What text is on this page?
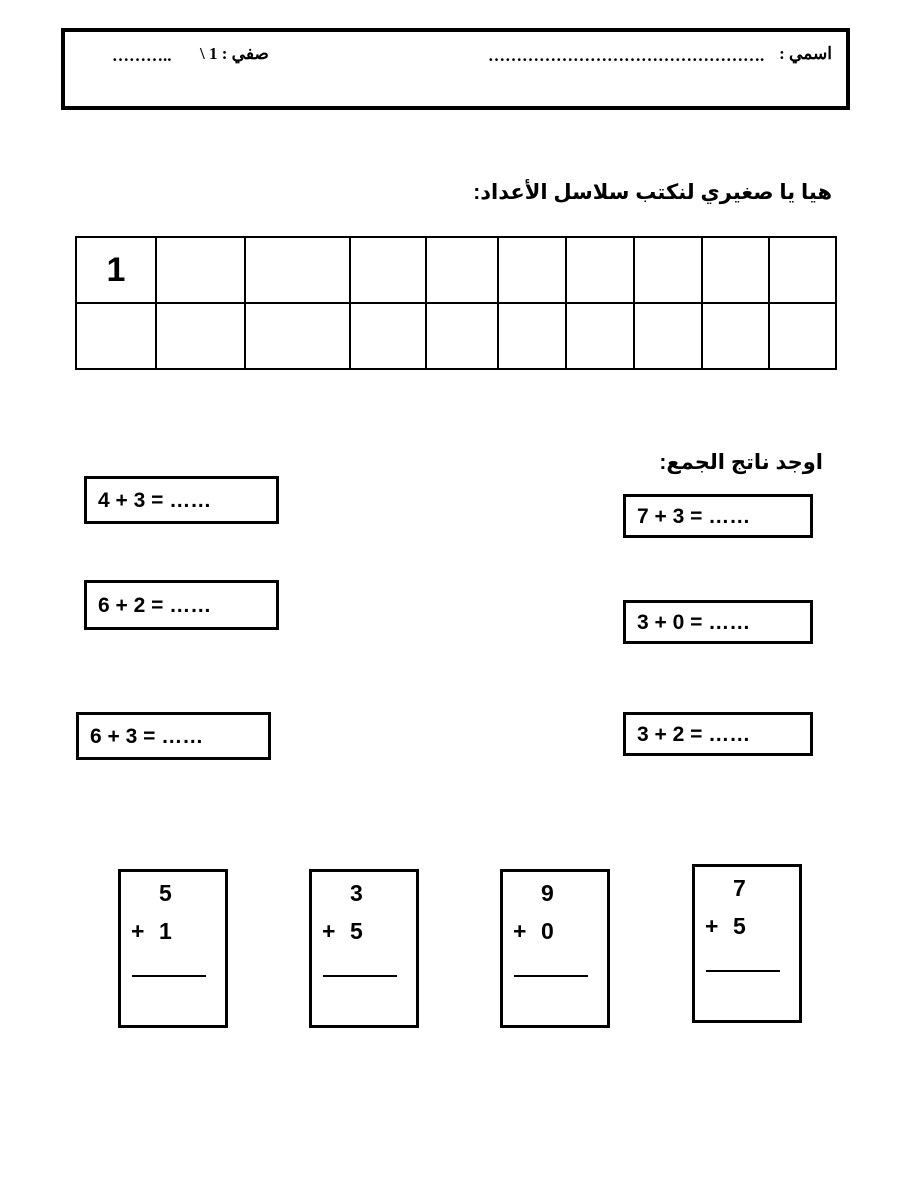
اسمي :
………………………………………….
صفي : 1 \
………..
هيا يا صغيري لنكتب سلاسل الأعداد:
1									

اوجد ناتج الجمع:
7 + 3 = ……
3 + 0 = ……
3 + 2 = ……
4 + 3 = ……
6 + 2 = ……
6 + 3 = ……
7
+ 5
9
+ 0
3
+ 5
5
+ 1
